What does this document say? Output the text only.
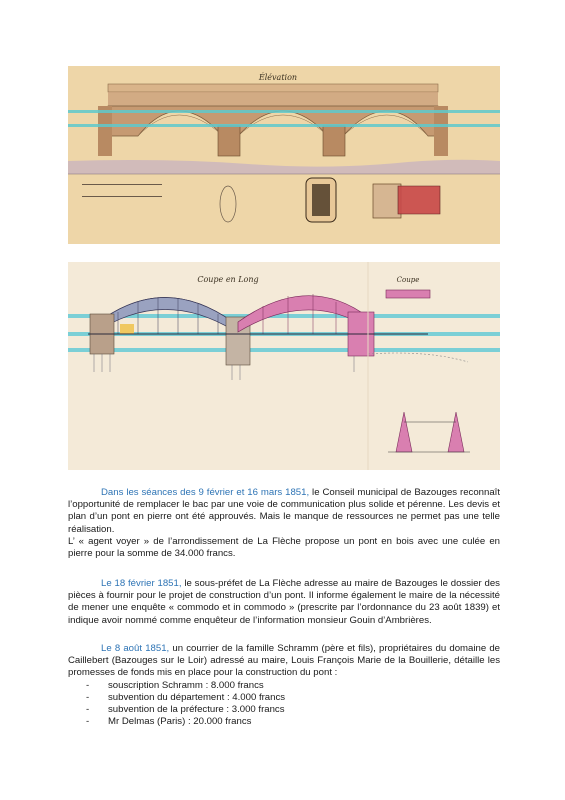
Élévation
Coupe en Long	Coupe

Dans les séances des 9 février et 16 mars 1851, le Conseil municipal de Bazouges reconnaît l’opportunité de remplacer le bac par une voie de communication plus solide et pérenne. Les devis et plan d’un pont en pierre ont été approuvés. Mais le manque de ressources ne permet pas une telle réalisation.

L’ « agent voyer » de l’arrondissement de La Flèche propose un pont en bois avec une culée en pierre pour la somme de 34.000 francs.

Le 18 février 1851, le sous-préfet de La Flèche adresse au maire de Bazouges le dossier des pièces à fournir pour le projet de construction d’un pont. Il informe également le maire de la nécessité de mener une enquête « commodo et in commodo » (prescrite par l’ordonnance du 23 août 1839) et indique avoir nommé comme enquêteur de l’information monsieur Gouin d’Ambrières.

Le 8 août 1851, un courrier de la famille Schramm (père et fils), propriétaires du domaine de Caillebert (Bazouges sur le Loir) adressé au maire, Louis François Marie de la Bouillerie, détaille les promesses de fonds mis en place pour la construction du pont :

- souscription Schramm : 8.000 francs
- subvention du département : 4.000 francs
- subvention de la préfecture : 3.000 francs
- Mr Delmas (Paris) : 20.000 francs
